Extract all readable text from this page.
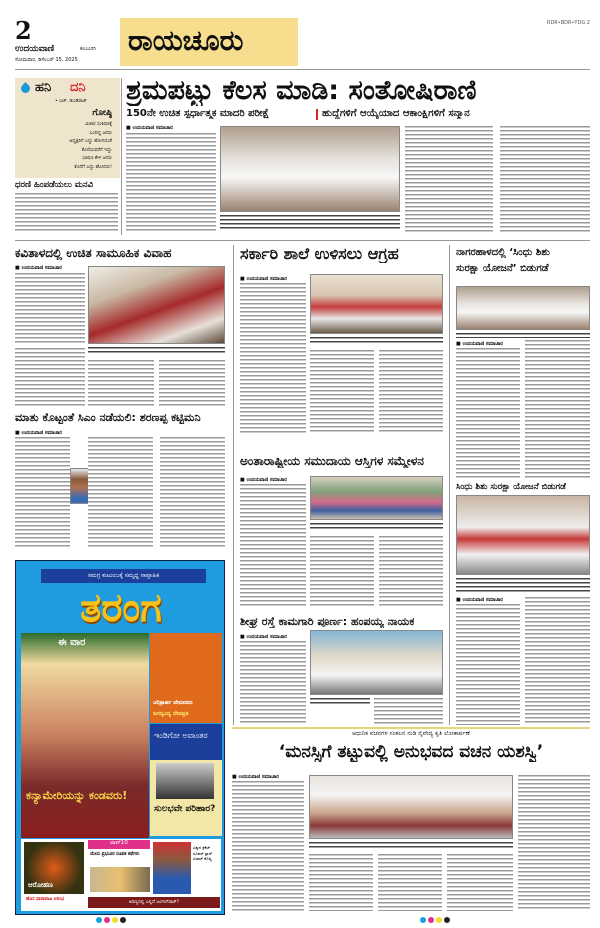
2
ಉದಯವಾಣಿ	ಕಲಬುರಗಿ
ಸೋಮವಾರ, ಡಿಸೆಂಬರ್ 15, 2025
ರಾಯಚೂರು
RDR•BDR•YDG 2
ಹನಿ ದನಿ
• ಎಚ್. ಡುಂಡಿರಾಜ್
ಗೋಷ್ಠಿ
ವಿಚಾರ ಸಂಕಿರಣಕ್ಕೆ
ಬಂದಿದ್ದ ಜನರು
ಅಧ್ಯಕ್ಷರಿಗೆ ಎದ್ದು ಹೋಗದಂತೆ
ಕೊನೆಯವರೆಗೆ ಇದ್ದು
ಭಾಷಣ ಕೇಳಿ ಜನರು
ಕೊನೆಗೆ ಎದ್ದು ಹೋದರು!
ಧರಣಿ ಹಿಂಪಡೆಯಲು ಮನವಿ
ಶ್ರಮಪಟ್ಟು ಕೆಲಸ ಮಾಡಿ: ಸಂತೋಷಿರಾಣಿ
150ನೇ ಉಚಿತ ಸ್ಪರ್ಧಾತ್ಮಕ ಮಾದರಿ ಪರೀಕ್ಷೆ	ಹುದ್ದೆಗಳಿಗೆ ಆಯ್ಕೆಯಾದ ಆಕಾಂಕ್ಷಿಗಳಿಗೆ ಸನ್ಮಾನ
■ ಉದಯವಾಣಿ ಸಮಾಚಾರ
ಕವಿತಾಳದಲ್ಲಿ ಉಚಿತ ಸಾಮೂಹಿಕ ವಿವಾಹ
■ ಉದಯವಾಣಿ ಸಮಾಚಾರ
ಮಾತು ಕೊಟ್ಟಂತೆ ಸಿಎಂ ನಡೆಯಲಿ: ಶರಣಪ್ಪ ಕಟ್ಟಿಮನಿ
■ ಉದಯವಾಣಿ ಸಮಾಚಾರ
ಸಮಗ್ರ ಕುಟುಂಬಕ್ಕೆ ಸಮೃದ್ಧ ಸಾಪ್ತಾಹಿಕ
ತರಂಗ
ಈ ವಾರ
ಕನ್ಯಾಮೇರಿಯನ್ನು ಕಂಡವರು!
ಚರಿತ್ರಾರ್ಹ ವೇದಪಠಣ
ಜಗದ್ವಂದ್ಯ ದೇವವ್ರತ
ಇಂಡಿಗೋ ಅವಾಂತರ
ಸುಲಭವೇ ಪರಿಹಾರ?
ಆರೋಹಣ
ಹೊಸ ಧಾರಾವಾಹಿ ಆರಂಭ
ಟಾಪ್10
ಯೇಸು ಪ್ರಭುವಿನ ರೂಪಕ ಕಥೆಗಳು
ವಿಶ್ವದ ಕ್ರಿಕೆಟ್ ಸೂಪರ್ ಸ್ಟಾರ್ ವಿರಾಟ್ ಕೊಹ್ಲಿ
ಅರಣ್ಯದಲ್ಲಿ ಎಲ್ಲಿದೆ ಜಂಗಲ್‌ರಾಜ್?
ಸರ್ಕಾರಿ ಶಾಲೆ ಉಳಿಸಲು ಆಗ್ರಹ
■ ಉದಯವಾಣಿ ಸಮಾಚಾರ
ಅಂತಾರಾಷ್ಟ್ರೀಯ ಸಮುದಾಯ ಆಸ್ತಿಗಳ ಸಮ್ಮೇಳನ
■ ಉದಯವಾಣಿ ಸಮಾಚಾರ
ಶೀಘ್ರ ರಸ್ತೆ ಕಾಮಗಾರಿ ಪೂರ್ಣ: ಹಂಪಯ್ಯ ನಾಯಕ
■ ಉದಯವಾಣಿ ಸಮಾಚಾರ
ನಾಗರಹಾಳದಲ್ಲಿ ‘ಸಿಂಧು ಶಿಶು
ಸುರಕ್ಷಾ ಯೋಜನೆ’ ಬಿಡುಗಡೆ
■ ಉದಯವಾಣಿ ಸಮಾಚಾರ
ಸಿಂಧು ಶಿಶು ಸುರಕ್ಷಾ ಯೋಜನೆ ಬಿಡುಗಡೆ
■ ಉದಯವಾಣಿ ಸಮಾಚಾರ
ಆಧುನಿಕ ವಚನಗಳ ಸಂಕಲನ ನುಡಿ ನೈವೇದ್ಯ ಕೃತಿ ಲೋಕಾರ್ಪಣೆ
‘ಮನಸ್ಸಿಗೆ ತಟ್ಟುವಲ್ಲಿ ಅನುಭವದ ವಚನ ಯಶಸ್ವಿ’
■ ಉದಯವಾಣಿ ಸಮಾಚಾರ
